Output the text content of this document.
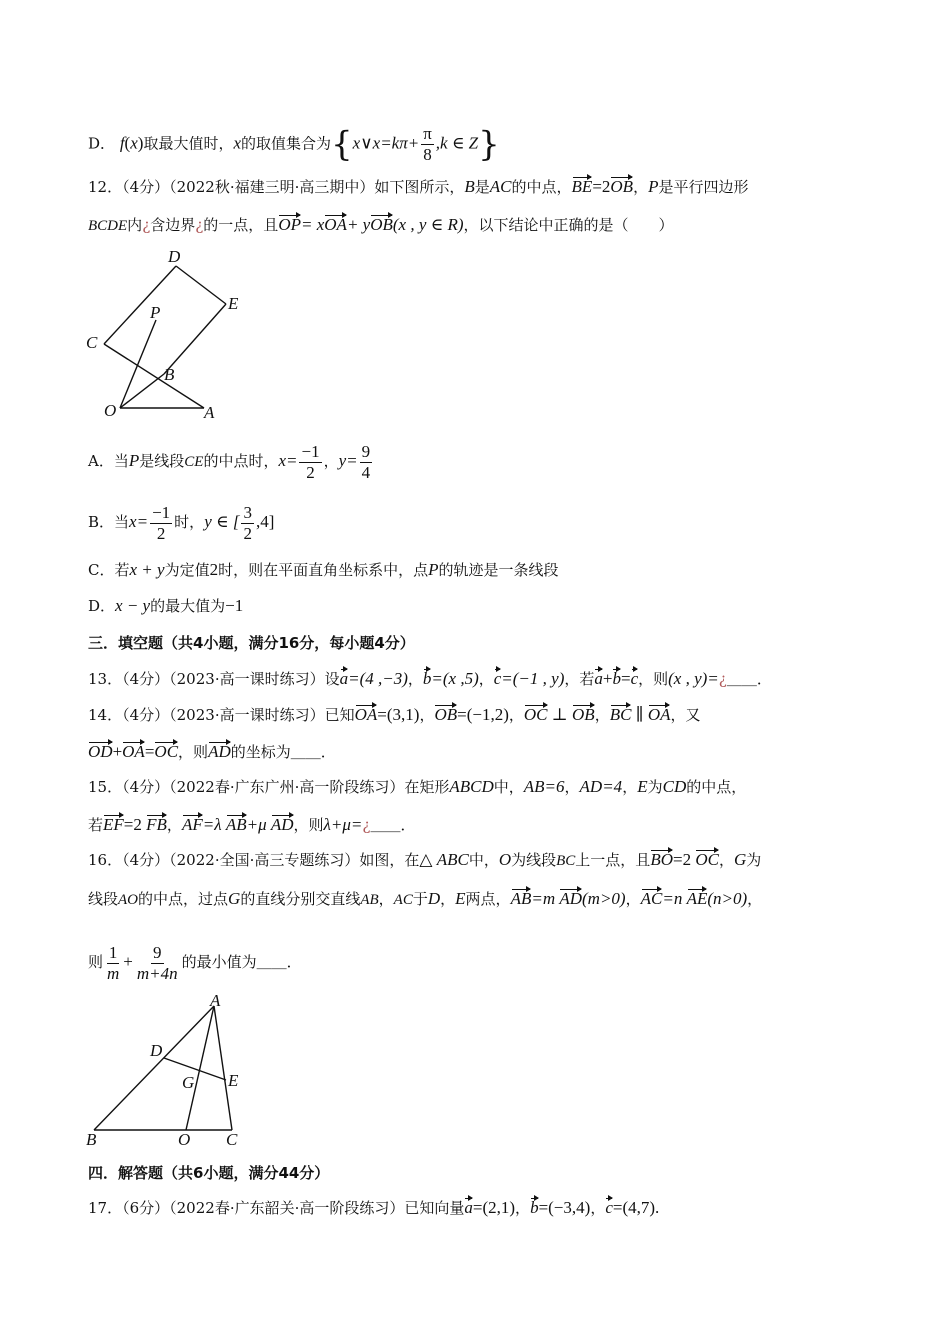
D． f(x)取最大值时，x的取值集合为{x∨x=kπ+ $\frac{\pi}{8} ,k$ ∈ Z}
12．（4分）（2022秋·福建三明·高三期中）如下图所示，B是AC的中点，BE=2OB，P是平行四边形
BCDE内¿含边界¿的一点，且OP= xOA+ yOB(x , y ∈ R)，以下结论中正确的是（　　）
D
E
C
P
B
O	A
A．当P是线段CE的中点时，$x= \frac{-1}{2}$ ，$y= \frac{9}{4}$
B．当$x= \frac{-1}{2}$ 时，y ∈ [ $\frac{3}{2} ,4$]
C．若x + y为定值2时，则在平面直角坐标系中，点P的轨迹是一条线段
D．x − y的最大值为−1
三．填空题（共4小题，满分16分，每小题4分）
13．（4分）（2023·高一课时练习）设a=(4 ,−3)，b=(x ,5)，c=(−1 , y)，若a+b=c，则(x , y)=¿＿＿．
14．（4分）（2023·高一课时练习）已知OA=(3,1)，OB=(−1,2)，OC ⊥ OB，BC ∥ OA，又
OD+OA=OC，则AD的坐标为＿＿．
15．（4分）（2022春·广东广州·高一阶段练习）在矩形ABCD中，AB=6，AD=4，E为CD的中点，
若EF=2 FB，AF=λ AB+μ AD，则λ+μ=¿＿＿．
16．（4分）（2022·全国·高三专题练习）如图，在△ ABC中，O为线段BC上一点，且BO=2 OC，G为
线段AO的中点，过点G的直线分别交直线AB，AC于D，E两点，AB=m AD(m>0)，AC=n AE(n>0)，
则 $\frac{1}{m} + \frac{9}{m+4n}$ 的最小值为＿＿．
A
D
G E
B	O C
四．解答题（共6小题，满分44分）
17．（6分）（2022春·广东韶关·高一阶段练习）已知向量a=(2,1)，b=(−3,4)，c=(4,7).
